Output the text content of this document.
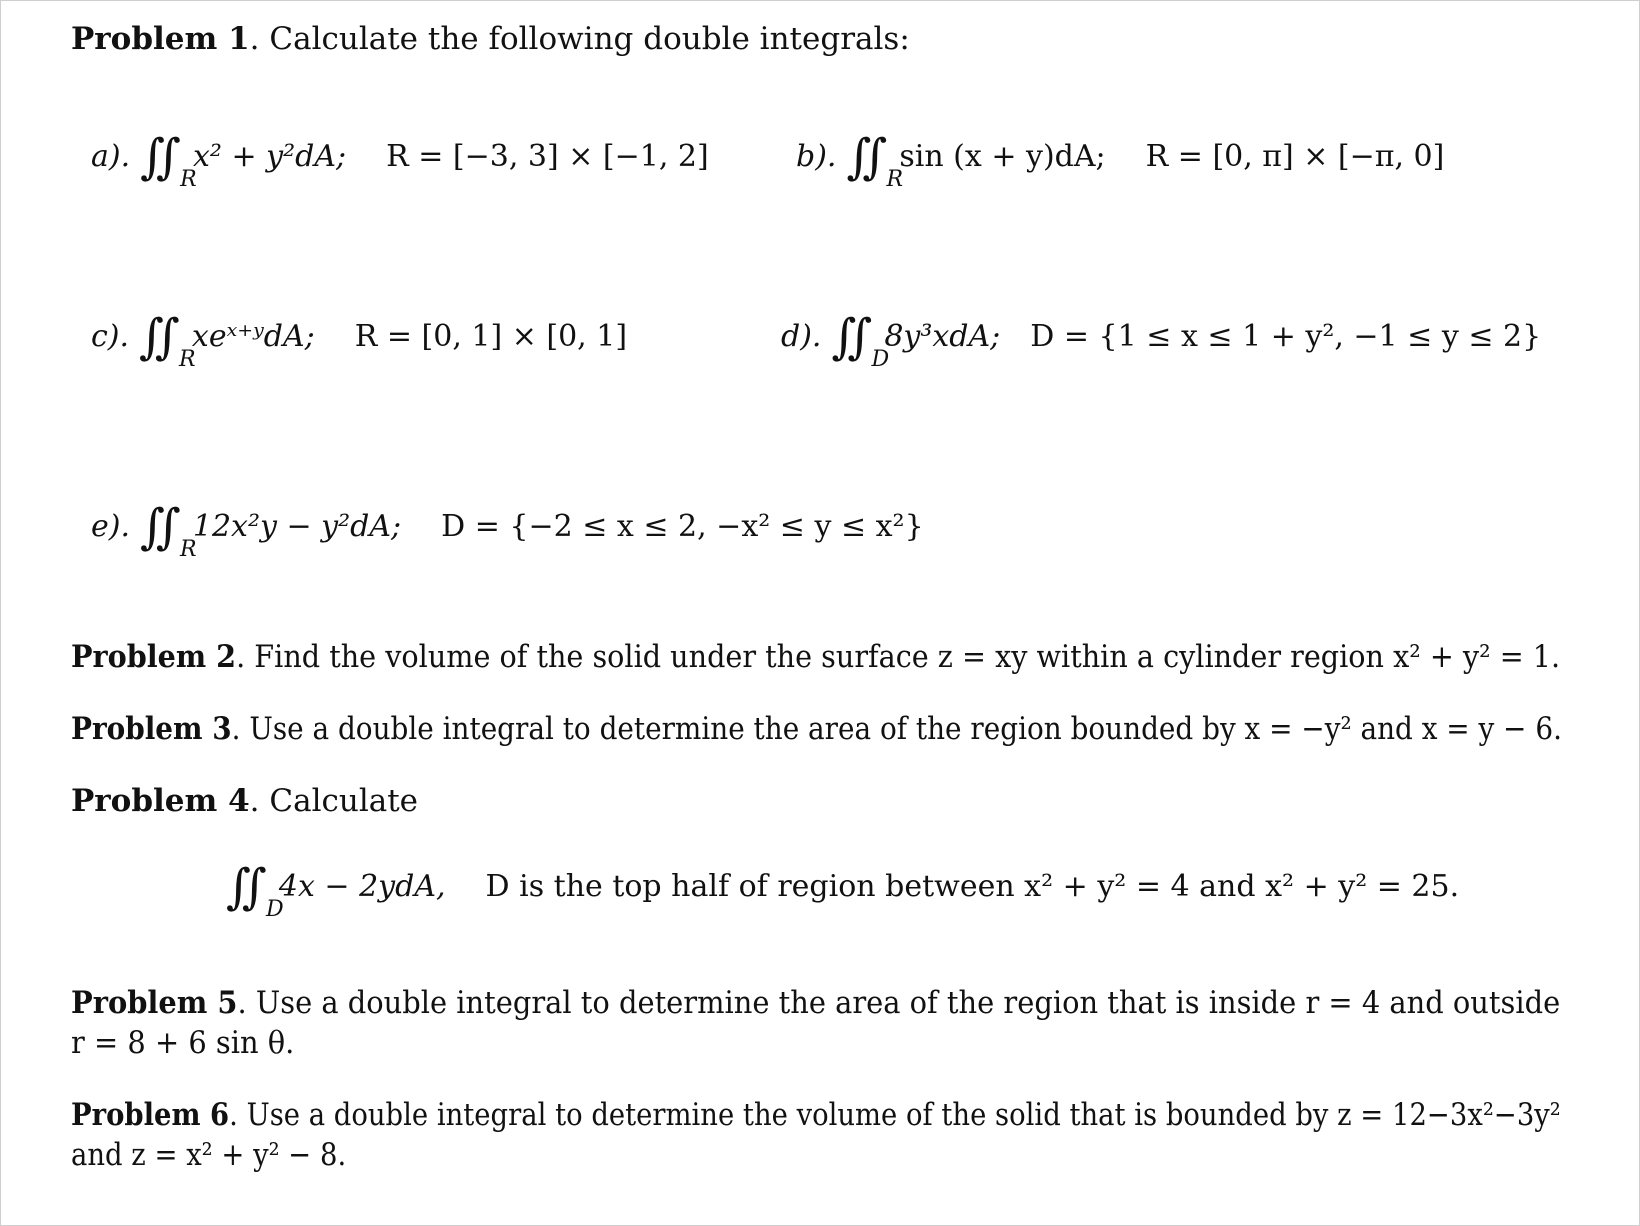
Problem 1. Calculate the following double integrals:
a). ∬ R
x² + y²dA; R = [−3, 3] × [−1, 2]	b). ∬ R
sin (x + y)dA; R = [0, π] × [−π, 0]
c). ∬ R
xeˣ⁺ʸdA; R = [0, 1] × [0, 1]	d). ∬ D
8y³xdA; D = {1 ≤ x ≤ 1 + y², −1 ≤ y ≤ 2}
e). ∬ R
12x²y − y²dA; D = {−2 ≤ x ≤ 2, −x² ≤ y ≤ x²}
Problem 2. Find the volume of the solid under the surface z = xy within a cylinder region x² + y² = 1.
Problem 3. Use a double integral to determine the area of the region bounded by x = −y² and x = y − 6.
Problem 4. Calculate
∬ D
4x − 2ydA, D is the top half of region between x² + y² = 4 and x² + y² = 25.
Problem 5. Use a double integral to determine the area of the region that is inside r = 4 and outside
r = 8 + 6 sin θ.
Problem 6. Use a double integral to determine the volume of the solid that is bounded by z = 12−3x²−3y²
and z = x² + y² − 8.
